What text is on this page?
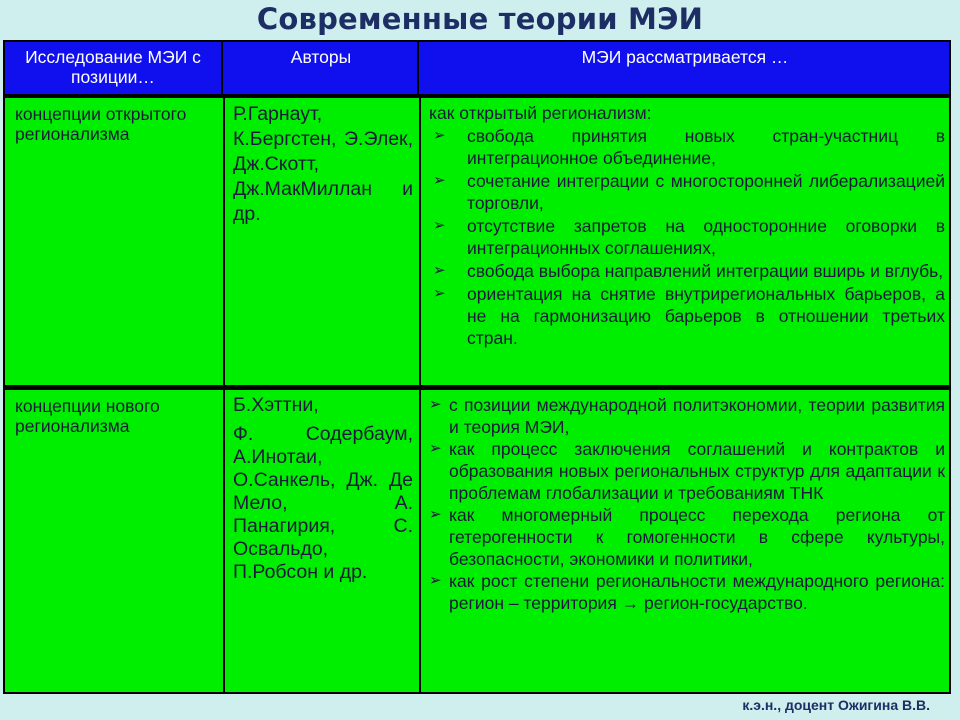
Современные теории МЭИ
Исследование МЭИ с позиции…
Авторы	МЭИ рассматривается …
концепции открытого регионализма
Р.Гарнаут, К.Бергстен, Э.Элек, Дж.Скотт, Дж.МакМиллан и др.

как открытый регионализм:

➢ свобода принятия новых стран-участниц в интеграционное объединение,
➢ сочетание интеграции с многосторонней либерализацией торговли,
➢ отсутствие запретов на односторонние оговорки в интеграционных соглашениях,
➢ свобода выбора направлений интеграции вширь и вглубь,
➢ ориентация на снятие внутрирегиональных барьеров, а не на гармонизацию барьеров в отношении третьих стран.
концепции нового регионализма
Б.Хэттни,
Ф. Содербаум, А.Инотаи, О.Санкель, Дж. Де Мело, А. Панагирия, С. Освальдо, П.Робсон и др.
➢ с позиции международной политэкономии, теории развития и теория МЭИ,
➢ как процесс заключения соглашений и контрактов и образования новых региональных структур для адаптации к проблемам глобализации и требованиям ТНК
➢ как многомерный процесс перехода региона от гетерогенности к гомогенности в сфере культуры, безопасности, экономики и политики,
➢ как рост степени региональности международного региона: регион – территория → регион-государство.
к.э.н., доцент Ожигина В.В.
